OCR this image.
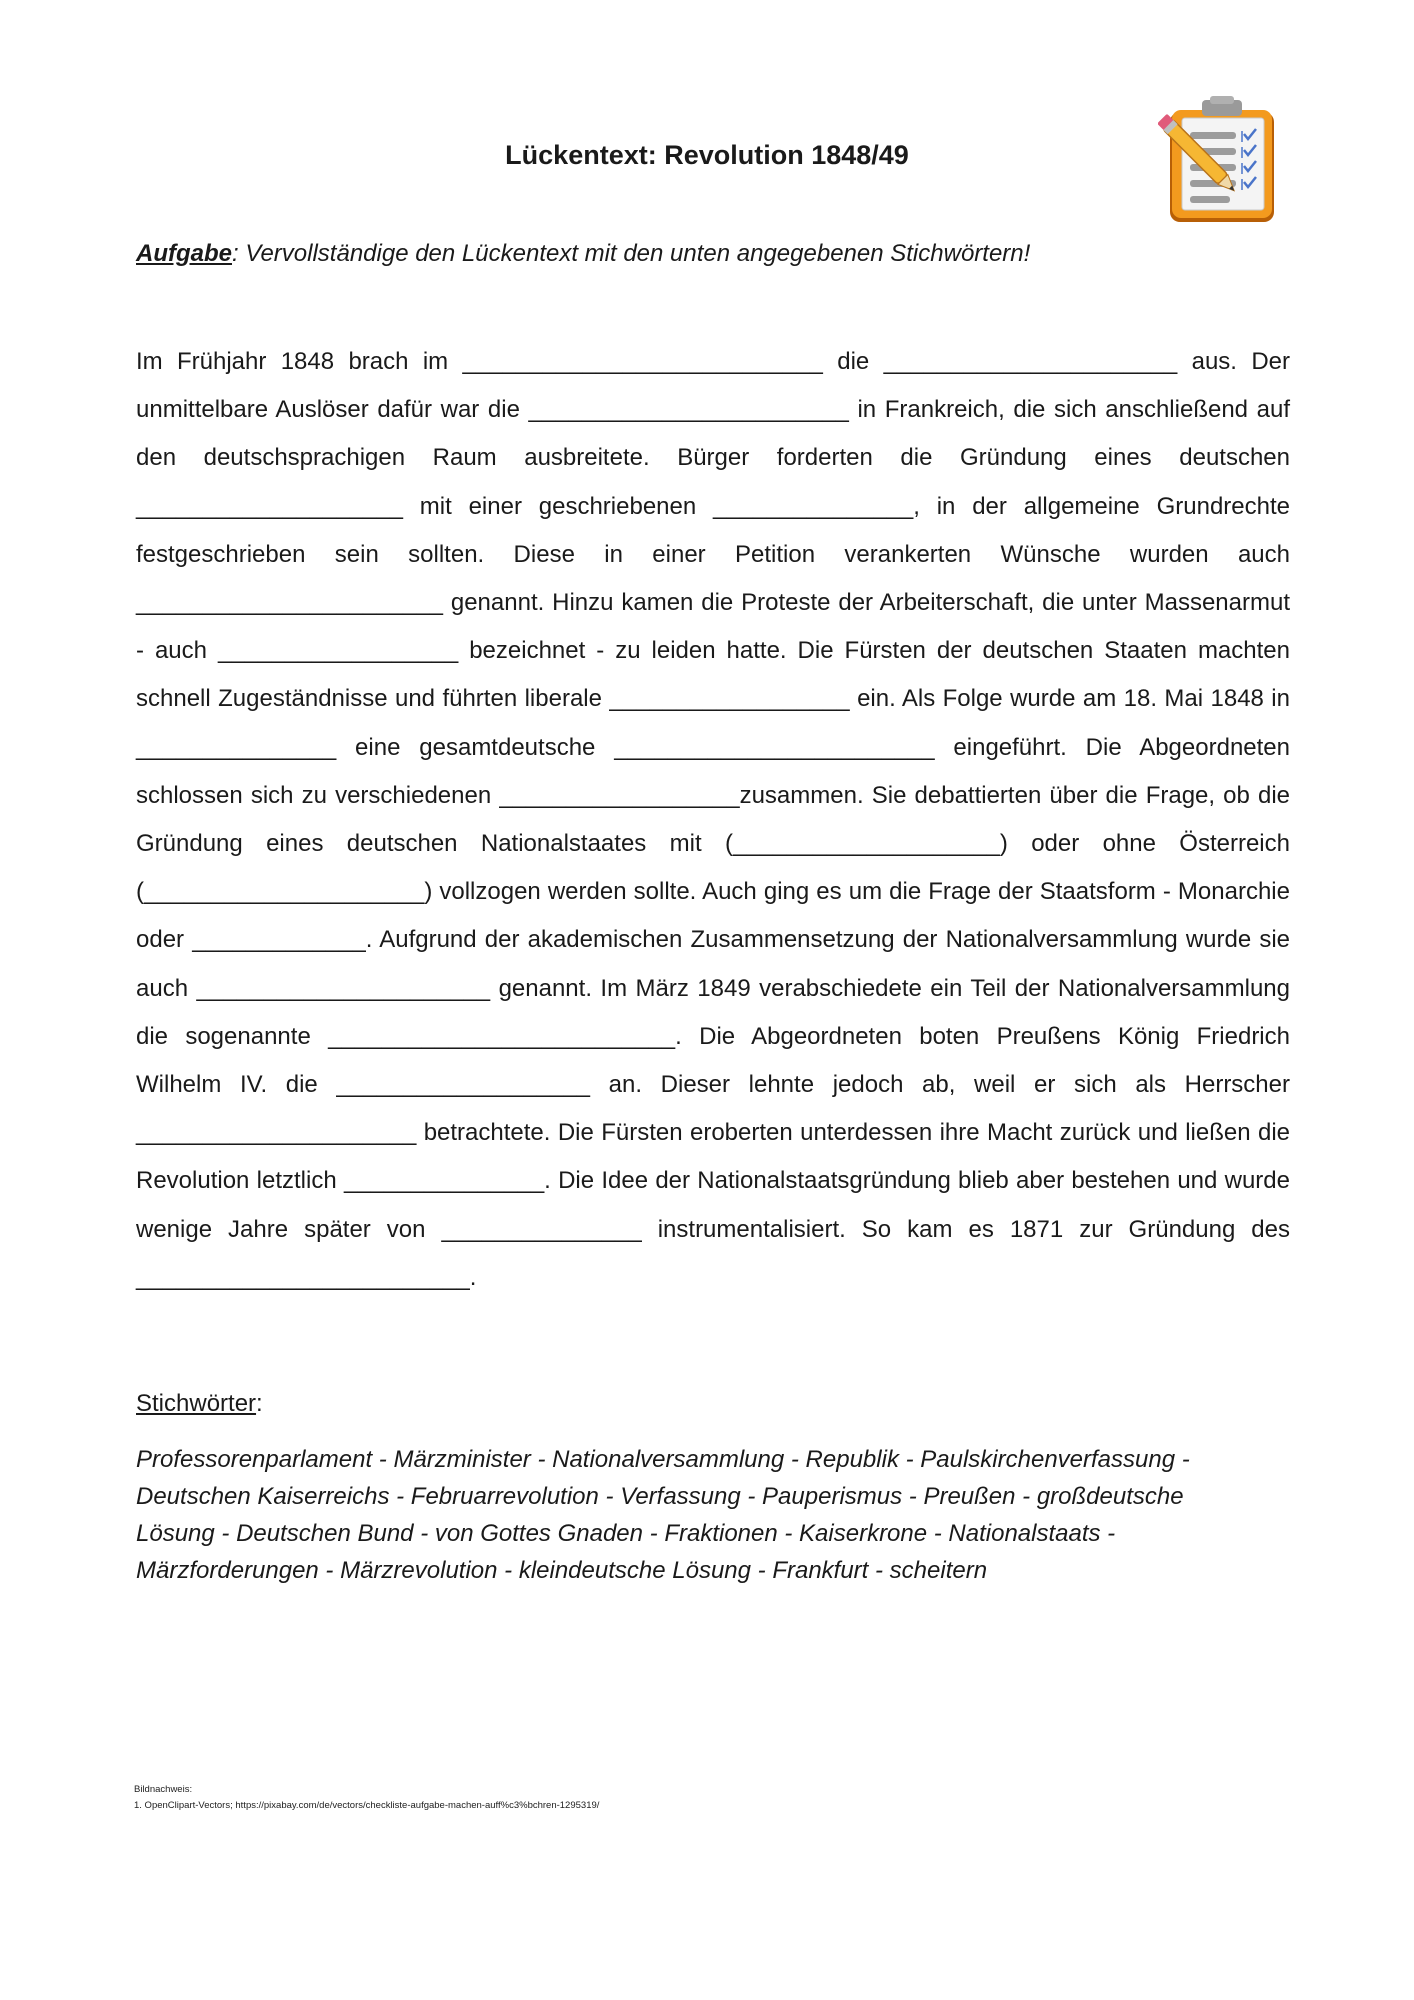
Lückentext: Revolution 1848/49
Aufgabe: Vervollständige den Lückentext mit den unten angegebenen Stichwörtern!
Im Frühjahr 1848 brach im ___________________________ die ______________________ aus. Der unmittelbare Auslöser dafür war die ________________________ in Frankreich, die sich anschließend auf den deutschsprachigen Raum ausbreitete. Bürger forderten die Gründung eines deutschen ____________________ mit einer geschriebenen _______________, in der allgemeine Grundrechte festgeschrieben sein sollten. Diese in einer Petition verankerten Wünsche wurden auch _______________________ genannt. Hinzu kamen die Proteste der Arbeiterschaft, die unter Massenarmut - auch __________________ bezeichnet - zu leiden hatte. Die Fürsten der deutschen Staaten machten schnell Zugeständnisse und führten liberale __________________ ein. Als Folge wurde am 18. Mai 1848 in _______________ eine gesamtdeutsche ________________________ eingeführt. Die Abgeordneten schlossen sich zu verschiedenen __________________zusammen. Sie debattierten über die Frage, ob die Gründung eines deutschen Nationalstaates mit (____________________) oder ohne Österreich (_____________________) vollzogen werden sollte. Auch ging es um die Frage der Staatsform - Monarchie oder _____________. Aufgrund der akademischen Zusammensetzung der Nationalversammlung wurde sie auch ______________________ genannt. Im März 1849 verabschiedete ein Teil der Nationalversammlung die sogenannte __________________________. Die Abgeordneten boten Preußens König Friedrich Wilhelm IV. die ___________________ an. Dieser lehnte jedoch ab, weil er sich als Herrscher _____________________ betrachtete. Die Fürsten eroberten unterdessen ihre Macht zurück und ließen die Revolution letztlich _______________. Die Idee der Nationalstaatsgründung blieb aber bestehen und wurde wenige Jahre später von _______________ instrumentalisiert. So kam es 1871 zur Gründung des _________________________.
Stichwörter:
Professorenparlament - Märzminister - Nationalversammlung - Republik - Paulskirchenverfassung -
Deutschen Kaiserreichs - Februarrevolution - Verfassung - Pauperismus - Preußen - großdeutsche
Lösung - Deutschen Bund - von Gottes Gnaden - Fraktionen - Kaiserkrone - Nationalstaats -
Märzforderungen - Märzrevolution - kleindeutsche Lösung - Frankfurt - scheitern
Bildnachweis:
1. OpenClipart-Vectors; https://pixabay.com/de/vectors/checkliste-aufgabe-machen-auff%c3%bchren-1295319/
